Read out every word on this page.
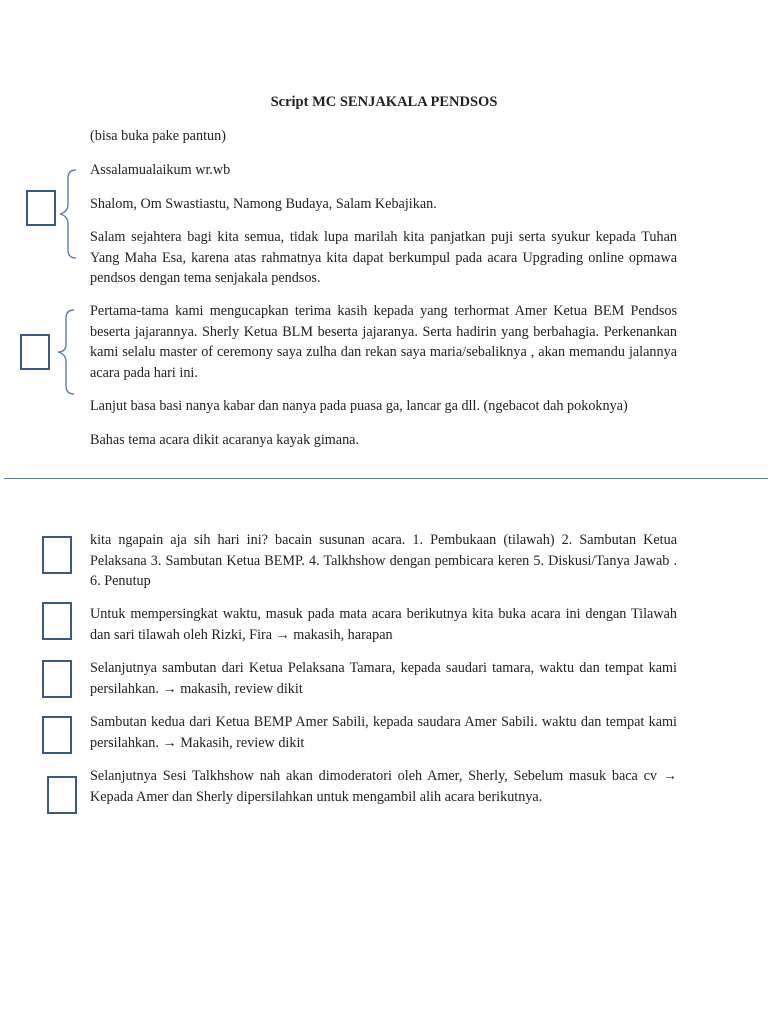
Script MC SENJAKALA PENDSOS
(bisa buka pake pantun)
Assalamualaikum wr.wb
Shalom, Om Swastiastu, Namong Budaya, Salam Kebajikan.
Salam sejahtera bagi kita semua, tidak lupa marilah kita panjatkan puji serta syukur kepada Tuhan Yang Maha Esa, karena atas rahmatnya kita dapat berkumpul pada acara Upgrading online opmawa pendsos dengan tema senjakala pendsos.
Pertama-tama kami mengucapkan terima kasih kepada yang terhormat Amer Ketua BEM Pendsos beserta jajarannya. Sherly Ketua BLM beserta jajaranya. Serta hadirin yang berbahagia. Perkenankan kami selalu master of ceremony saya zulha dan rekan saya maria/sebaliknya , akan memandu jalannya acara pada hari ini.
Lanjut basa basi nanya kabar dan nanya pada puasa ga, lancar ga dll. (ngebacot dah pokoknya)
Bahas tema acara dikit acaranya kayak gimana.
kita ngapain aja sih hari ini? bacain susunan acara. 1. Pembukaan (tilawah) 2. Sambutan Ketua Pelaksana 3. Sambutan Ketua BEMP. 4. Talkhshow dengan pembicara keren 5. Diskusi/Tanya Jawab . 6. Penutup
Untuk mempersingkat waktu, masuk pada mata acara berikutnya kita buka acara ini dengan Tilawah dan sari tilawah oleh Rizki, Fira → makasih, harapan
Selanjutnya sambutan dari Ketua Pelaksana Tamara, kepada saudari tamara, waktu dan tempat kami persilahkan. → makasih, review dikit
Sambutan kedua dari Ketua BEMP Amer Sabili, kepada saudara Amer Sabili. waktu dan tempat kami persilahkan. → Makasih, review dikit
Selanjutnya Sesi Talkhshow nah akan dimoderatori oleh Amer, Sherly, Sebelum masuk baca cv → Kepada Amer dan Sherly dipersilahkan untuk mengambil alih acara berikutnya.
